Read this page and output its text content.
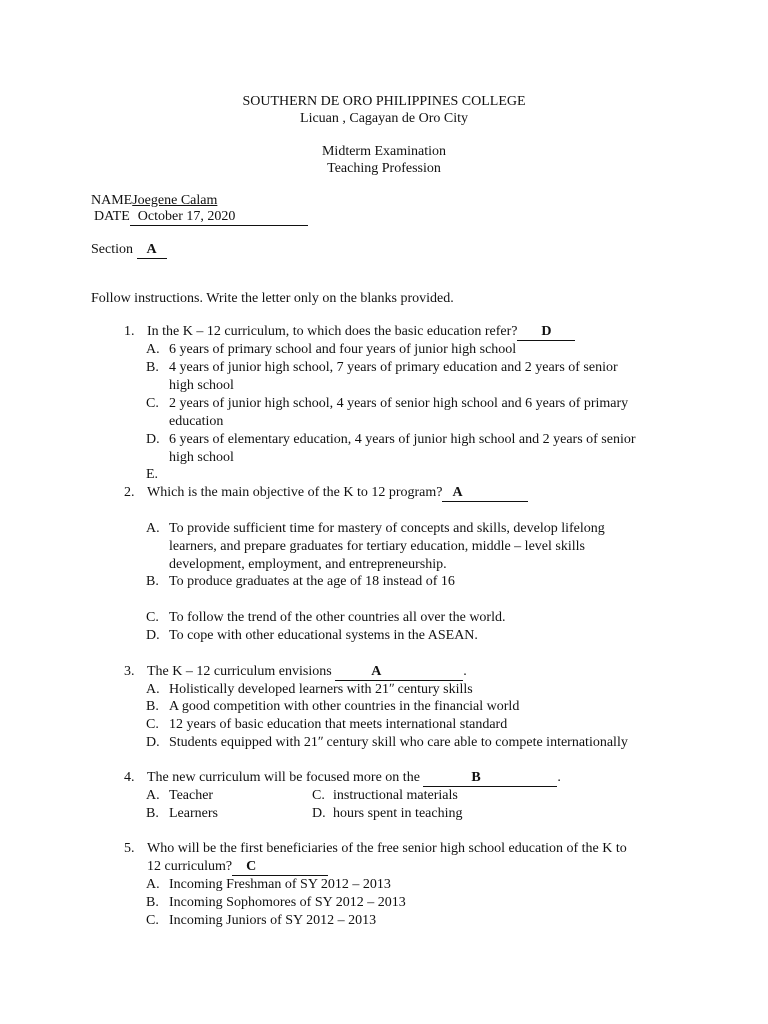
SOUTHERN DE ORO PHILIPPINES COLLEGE
Licuan , Cagayan de Oro City
Midterm Examination
Teaching Profession
NAMEJoegene Calam
DATE October 17, 2020
Section A
Follow instructions. Write the letter only on the blanks provided.
1. In the K – 12 curriculum, to which does the basic education refer? D
A. 6 years of primary school and four years of junior high school
B. 4 years of junior high school, 7 years of primary education and 2 years of senior
high school
C. 2 years of junior high school, 4 years of senior high school and 6 years of primary
education
D. 6 years of elementary education, 4 years of junior high school and 2 years of senior
high school
E.
2. Which is the main objective of the K to 12 program? A
A. To provide sufficient time for mastery of concepts and skills, develop lifelong
learners, and prepare graduates for tertiary education, middle – level skills
development, employment, and entrepreneurship.
B. To produce graduates at the age of 18 instead of 16
C. To follow the trend of the other countries all over the world.
D. To cope with other educational systems in the ASEAN.
3. The K – 12 curriculum envisions	A	.
A. Holistically developed learners with 21ʺ century skills
B. A good competition with other countries in the financial world
C. 12 years of basic education that meets international standard
D. Students equipped with 21ʺ century skill who care able to compete internationally
4. The new curriculum will be focused more on the	B	.
A. Teacher	C. instructional materials
B. Learners	D. hours spent in teaching
5. Who will be the first beneficiaries of the free senior high school education of the K to
12 curriculum? C
A. Incoming Freshman of SY 2012 – 2013
B. Incoming Sophomores of SY 2012 – 2013
C. Incoming Juniors of SY 2012 – 2013
